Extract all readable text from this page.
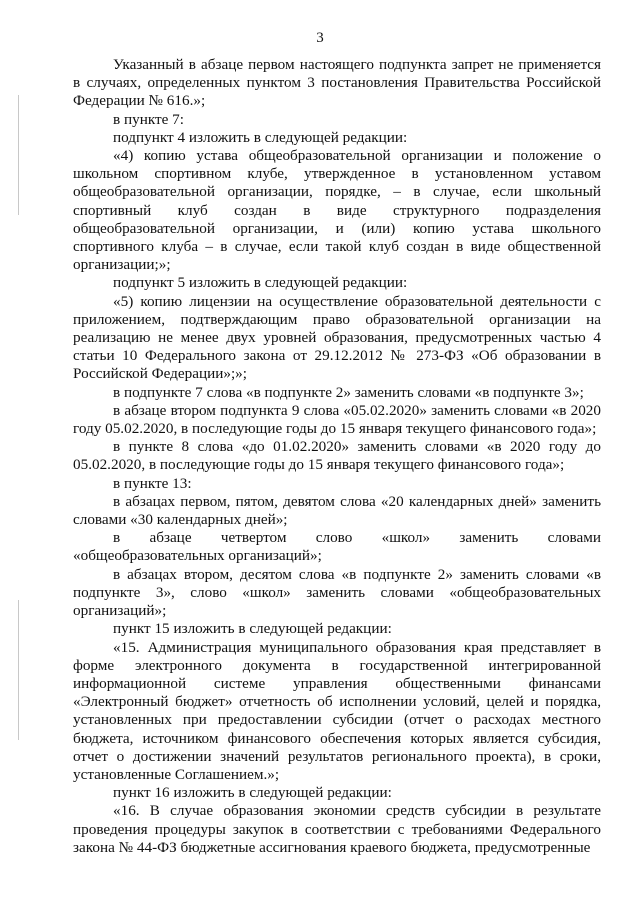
3

Указанный в абзаце первом настоящего подпункта запрет не применяется в случаях, определенных пунктом 3 постановления Правительства Российской Федерации № 616.»;

в пункте 7:

подпункт 4 изложить в следующей редакции:

«4) копию устава общеобразовательной организации и положение о школьном спортивном клубе, утвержденное в установленном уставом общеобразовательной организации, порядке, – в случае, если школьный спортивный клуб создан в виде структурного подразделения общеобразовательной организации, и (или) копию устава школьного спортивного клуба – в случае, если такой клуб создан в виде общественной организации;»;

подпункт 5 изложить в следующей редакции:

«5) копию лицензии на осуществление образовательной деятельности с приложением, подтверждающим право образовательной организации на реализацию не менее двух уровней образования, предусмотренных частью 4 статьи 10 Федерального закона от 29.12.2012 № 273-ФЗ «Об образовании в Российской Федерации»;»;

в подпункте 7 слова «в подпункте 2» заменить словами «в подпункте 3»;

в абзаце втором подпункта 9 слова «05.02.2020» заменить словами «в 2020 году 05.02.2020, в последующие годы до 15 января текущего финансового года»;

в пункте 8 слова «до 01.02.2020» заменить словами «в 2020 году до 05.02.2020, в последующие годы до 15 января текущего финансового года»;

в пункте 13:

в абзацах первом, пятом, девятом слова «20 календарных дней» заменить словами «30 календарных дней»;

в абзаце четвертом слово «школ» заменить словами «общеобразовательных организаций»;

в абзацах втором, десятом слова «в подпункте 2» заменить словами «в подпункте 3», слово «школ» заменить словами «общеобразовательных организаций»;

пункт 15 изложить в следующей редакции:

«15. Администрация муниципального образования края представляет в форме электронного документа в государственной интегрированной информационной системе управления общественными финансами «Электронный бюджет» отчетность об исполнении условий, целей и порядка, установленных при предоставлении субсидии (отчет о расходах местного бюджета, источником финансового обеспечения которых является субсидия, отчет о достижении значений результатов регионального проекта), в сроки, установленные Соглашением.»;

пункт 16 изложить в следующей редакции:

«16. В случае образования экономии средств субсидии в результате проведения процедуры закупок в соответствии с требованиями Федерального закона № 44-ФЗ бюджетные ассигнования краевого бюджета, предусмотренные
